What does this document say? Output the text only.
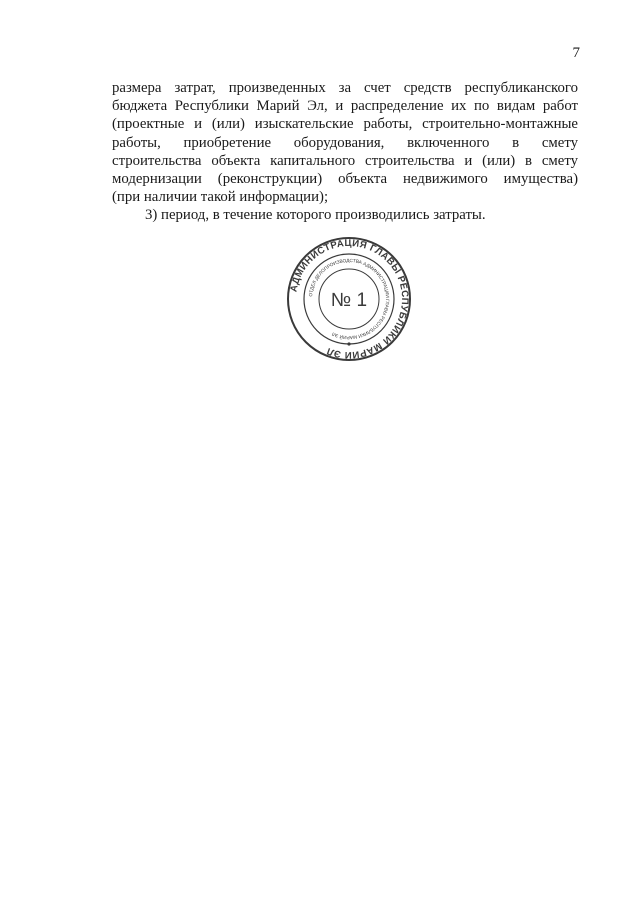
7

размера затрат, произведенных за счет средств республиканского
бюджета Республики Марий Эл, и распределение их по видам работ
(проектные и (или) изыскательские работы, строительно-монтажные
работы, приобретение оборудования, включенного в смету
строительства объекта капитального строительства и (или) в смету
модернизации (реконструкции) объекта недвижимого имущества)
(при наличии такой информации);

3) период, в течение которого производились затраты.

АДМИНИСТРАЦИЯ ГЛАВЫ РЕСПУБЛИКИ МАРИЙ ЭЛ
ОТДЕЛ ДЕЛОПРОИЗВОДСТВА АДМИНИСТРАЦИИ ГЛАВЫ РЕСПУБЛИКИ МАРИЙ ЭЛ
№ 1
